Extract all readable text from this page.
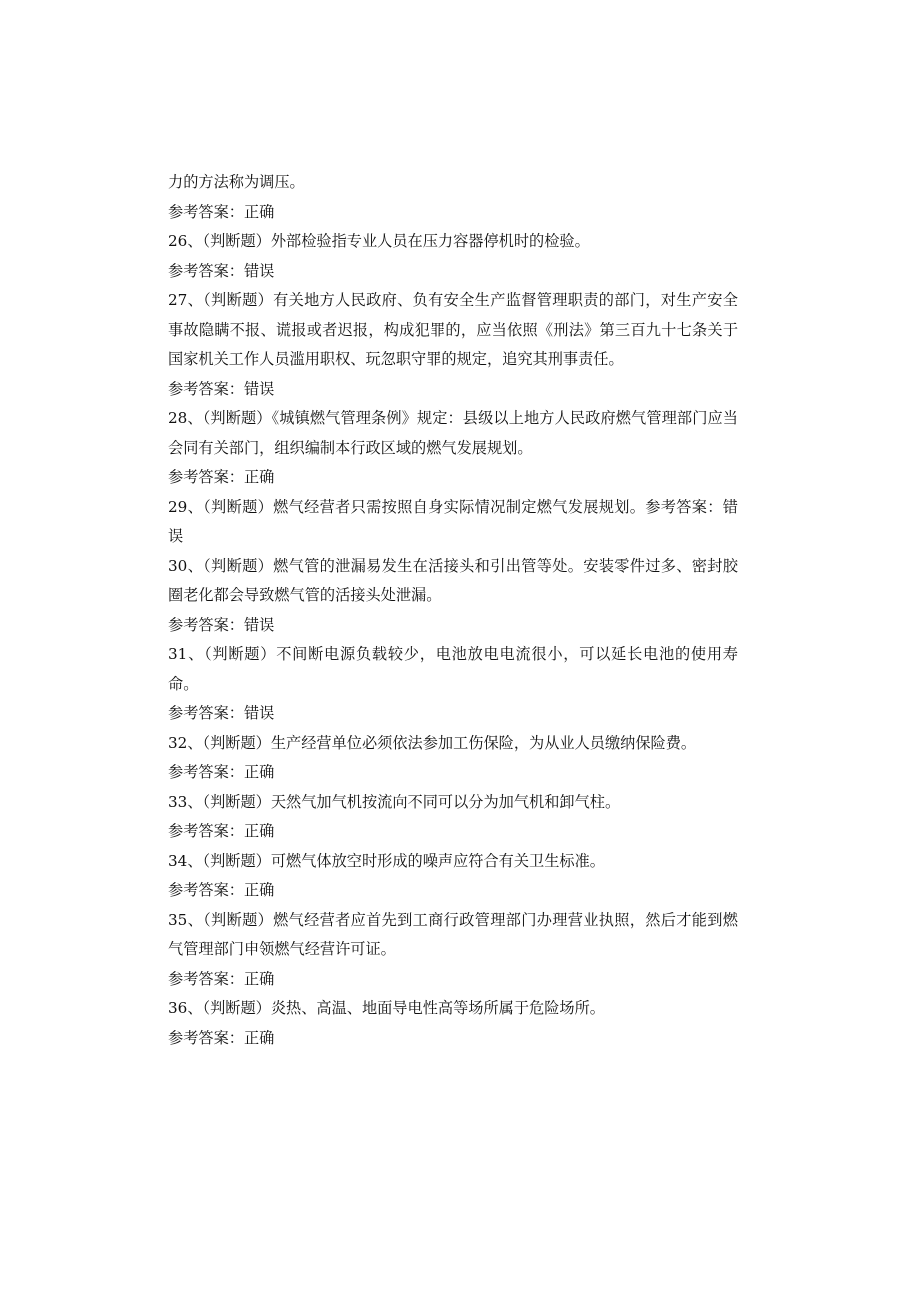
力的方法称为调压。

参考答案：正确

26、（判断题）外部检验指专业人员在压力容器停机时的检验。

参考答案：错误

27、（判断题）有关地方人民政府、负有安全生产监督管理职责的部门，对生产安全事故隐瞒不报、谎报或者迟报，构成犯罪的，应当依照《刑法》第三百九十七条关于国家机关工作人员滥用职权、玩忽职守罪的规定，追究其刑事责任。

参考答案：错误

28、（判断题）《城镇燃气管理条例》规定：县级以上地方人民政府燃气管理部门应当会同有关部门，组织编制本行政区域的燃气发展规划。

参考答案：正确

29、（判断题）燃气经营者只需按照自身实际情况制定燃气发展规划。参考答案：错误

30、（判断题）燃气管的泄漏易发生在活接头和引出管等处。安装零件过多、密封胶圈老化都会导致燃气管的活接头处泄漏。

参考答案：错误

31、（判断题）不间断电源负载较少，电池放电电流很小，可以延长电池的使用寿命。

参考答案：错误

32、（判断题）生产经营单位必须依法参加工伤保险，为从业人员缴纳保险费。

参考答案：正确

33、（判断题）天然气加气机按流向不同可以分为加气机和卸气柱。

参考答案：正确

34、（判断题）可燃气体放空时形成的噪声应符合有关卫生标准。

参考答案：正确

35、（判断题）燃气经营者应首先到工商行政管理部门办理营业执照，然后才能到燃气管理部门申领燃气经营许可证。

参考答案：正确

36、（判断题）炎热、高温、地面导电性高等场所属于危险场所。

参考答案：正确
